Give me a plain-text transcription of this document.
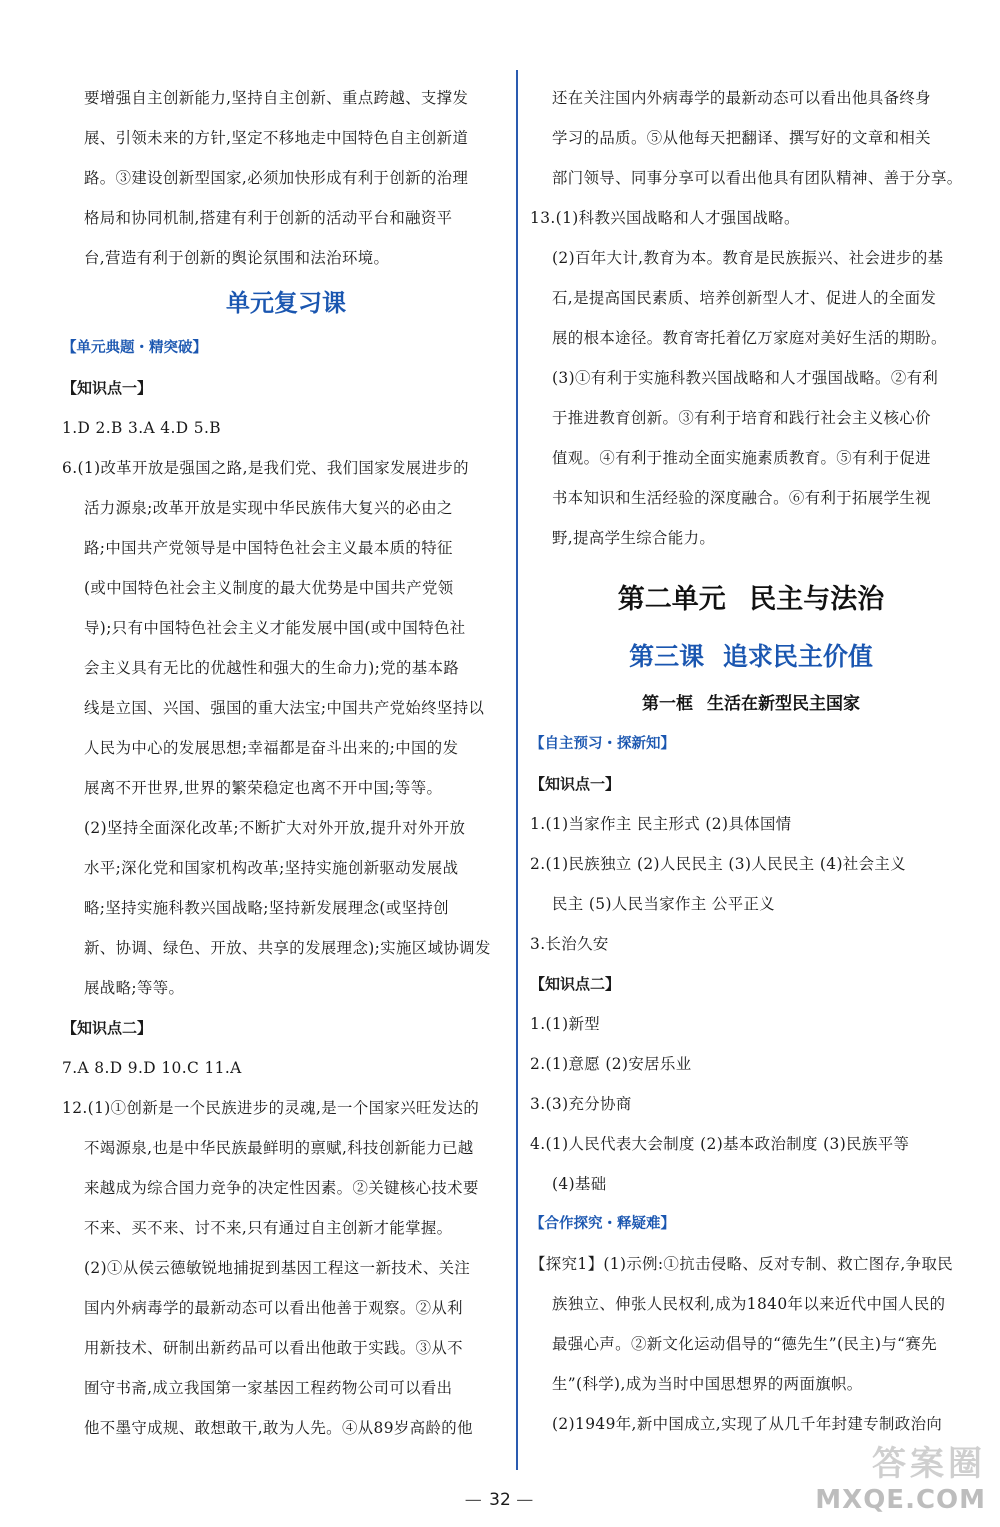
要增强自主创新能力,坚持自主创新、重点跨越、支撑发
展、引领未来的方针,坚定不移地走中国特色自主创新道
路。③建设创新型国家,必须加快形成有利于创新的治理
格局和协同机制,搭建有利于创新的活动平台和融资平
台,营造有利于创新的舆论氛围和法治环境。
单元复习课
【单元典题・精突破】
【知识点一】
1.D 2.B 3.A 4.D 5.B
6.(1)改革开放是强国之路,是我们党、我们国家发展进步的
活力源泉;改革开放是实现中华民族伟大复兴的必由之
路;中国共产党领导是中国特色社会主义最本质的特征
(或中国特色社会主义制度的最大优势是中国共产党领
导);只有中国特色社会主义才能发展中国(或中国特色社
会主义具有无比的优越性和强大的生命力);党的基本路
线是立国、兴国、强国的重大法宝;中国共产党始终坚持以
人民为中心的发展思想;幸福都是奋斗出来的;中国的发
展离不开世界,世界的繁荣稳定也离不开中国;等等。
(2)坚持全面深化改革;不断扩大对外开放,提升对外开放
水平;深化党和国家机构改革;坚持实施创新驱动发展战
略;坚持实施科教兴国战略;坚持新发展理念(或坚持创
新、协调、绿色、开放、共享的发展理念);实施区域协调发
展战略;等等。
【知识点二】
7.A 8.D 9.D 10.C 11.A
12.(1)①创新是一个民族进步的灵魂,是一个国家兴旺发达的
不竭源泉,也是中华民族最鲜明的禀赋,科技创新能力已越
来越成为综合国力竞争的决定性因素。②关键核心技术要
不来、买不来、讨不来,只有通过自主创新才能掌握。
(2)①从侯云德敏锐地捕捉到基因工程这一新技术、关注
国内外病毒学的最新动态可以看出他善于观察。②从利
用新技术、研制出新药品可以看出他敢于实践。③从不
囿守书斋,成立我国第一家基因工程药物公司可以看出
他不墨守成规、敢想敢干,敢为人先。④从89岁高龄的他
还在关注国内外病毒学的最新动态可以看出他具备终身
学习的品质。⑤从他每天把翻译、撰写好的文章和相关
部门领导、同事分享可以看出他具有团队精神、善于分享。
13.(1)科教兴国战略和人才强国战略。
(2)百年大计,教育为本。教育是民族振兴、社会进步的基
石,是提高国民素质、培养创新型人才、促进人的全面发
展的根本途径。教育寄托着亿万家庭对美好生活的期盼。
(3)①有利于实施科教兴国战略和人才强国战略。②有利
于推进教育创新。③有利于培育和践行社会主义核心价
值观。④有利于推动全面实施素质教育。⑤有利于促进
书本知识和生活经验的深度融合。⑥有利于拓展学生视
野,提高学生综合能力。
第二单元 民主与法治
第三课 追求民主价值
第一框 生活在新型民主国家
【自主预习・探新知】
【知识点一】
1.(1)当家作主 民主形式 (2)具体国情
2.(1)民族独立 (2)人民民主 (3)人民民主 (4)社会主义
民主 (5)人民当家作主 公平正义
3.长治久安
【知识点二】
1.(1)新型
2.(1)意愿 (2)安居乐业
3.(3)充分协商
4.(1)人民代表大会制度 (2)基本政治制度 (3)民族平等
(4)基础
【合作探究・释疑难】
【探究1】(1)示例:①抗击侵略、反对专制、救亡图存,争取民
族独立、伸张人民权利,成为1840年以来近代中国人民的
最强心声。②新文化运动倡导的“德先生”(民主)与“赛先
生”(科学),成为当时中国思想界的两面旗帜。
(2)1949年,新中国成立,实现了从几千年封建专制政治向
— 32 —
答案圈
MXQE.COM
